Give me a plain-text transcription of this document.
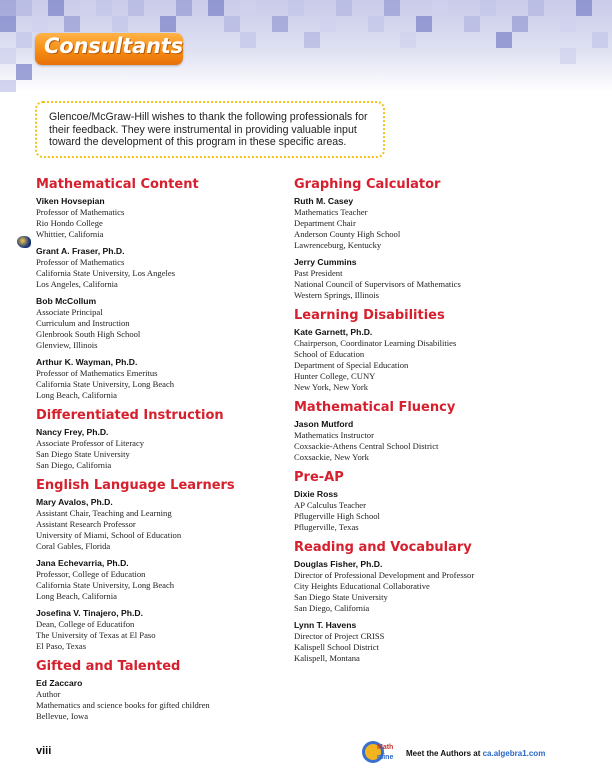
Consultants

Glencoe/McGraw-Hill wishes to thank the following professionals for their feedback. They were instrumental in providing valuable input toward the development of this program in these specific areas.

Mathematical Content
Viken Hovsepian
Professor of Mathematics
Rio Hondo College
Whittier, California
Grant A. Fraser, Ph.D.
Professor of Mathematics
California State University, Los Angeles
Los Angeles, California
Bob McCollum
Associate Principal
Curriculum and Instruction
Glenbrook South High School
Glenview, Illinois
Arthur K. Wayman, Ph.D.
Professor of Mathematics Emeritus
California State University, Long Beach
Long Beach, California
Differentiated Instruction
Nancy Frey, Ph.D.
Associate Professor of Literacy
San Diego State University
San Diego, California
English Language Learners
Mary Avalos, Ph.D.
Assistant Chair, Teaching and Learning
Assistant Research Professor
University of Miami, School of Education
Coral Gables, Florida
Jana Echevarria, Ph.D.
Professor, College of Education
California State University, Long Beach
Long Beach, California
Josefina V. Tinajero, Ph.D.
Dean, College of Educatifon
The University of Texas at El Paso
El Paso, Texas
Gifted and Talented
Ed Zaccaro
Author
Mathematics and science books for gifted children
Bellevue, Iowa
Graphing Calculator
Ruth M. Casey
Mathematics Teacher
Department Chair
Anderson County High School
Lawrenceburg, Kentucky
Jerry Cummins
Past President
National Council of Supervisors of Mathematics
Western Springs, Illinois
Learning Disabilities
Kate Garnett, Ph.D.
Chairperson, Coordinator Learning Disabilities
School of Education
Department of Special Education
Hunter College, CUNY
New York, New York
Mathematical Fluency
Jason Mutford
Mathematics Instructor
Coxsackie-Athens Central School District
Coxsackie, New York
Pre-AP
Dixie Ross
AP Calculus Teacher
Pflugerville High School
Pflugerville, Texas
Reading and Vocabulary
Douglas Fisher, Ph.D.
Director of Professional Development and Professor
City Heights Educational Collaborative
San Diego State University
San Diego, California
Lynn T. Havens
Director of Project CRISS
Kalispell School District
Kalispell, Montana
viii	Math
nline Meet the Authors at ca.algebra1.com
